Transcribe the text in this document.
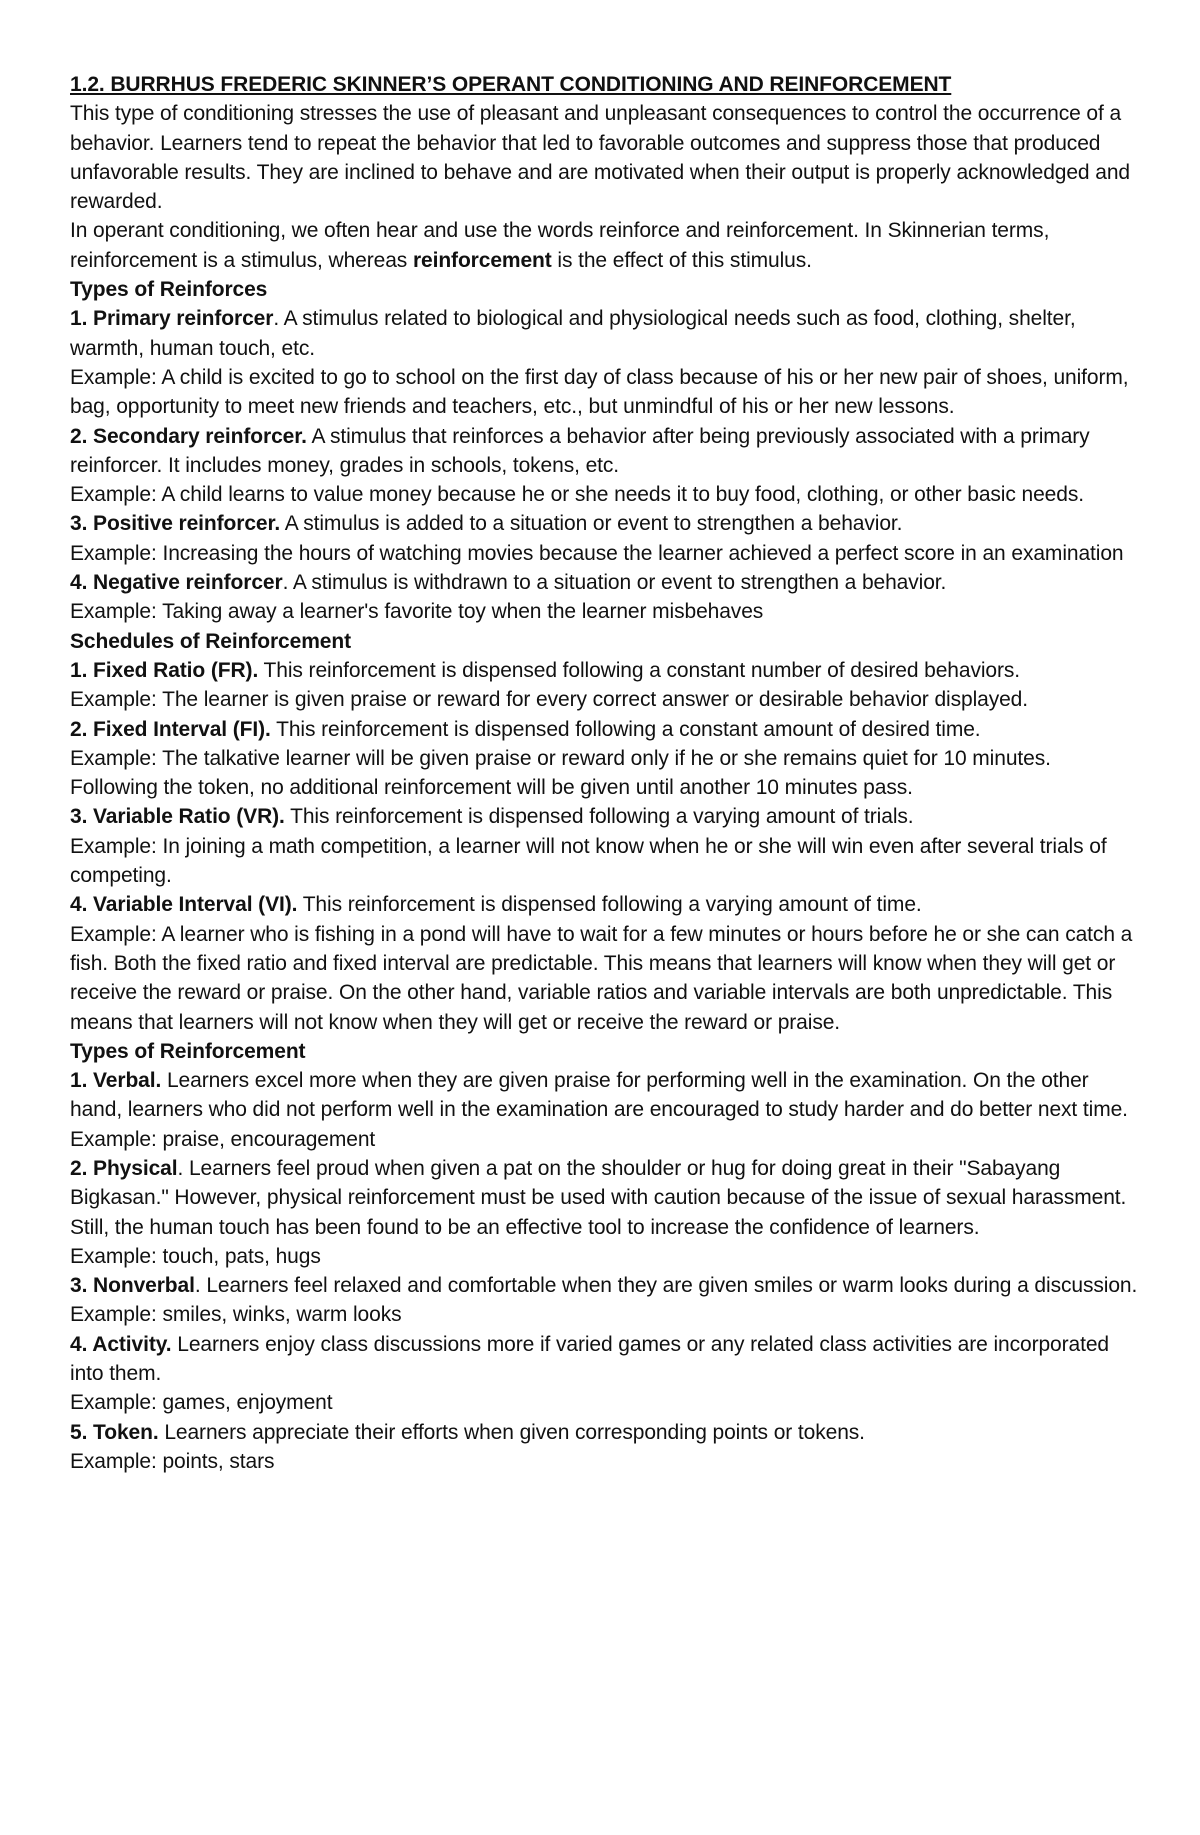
1.2. BURRHUS FREDERIC SKINNER’S OPERANT CONDITIONING AND REINFORCEMENT

This type of conditioning stresses the use of pleasant and unpleasant consequences to control the occurrence of a behavior. Learners tend to repeat the behavior that led to favorable outcomes and suppress those that produced unfavorable results. They are inclined to behave and are motivated when their output is properly acknowledged and rewarded.

In operant conditioning, we often hear and use the words reinforce and reinforcement. In Skinnerian terms, reinforcement is a stimulus, whereas reinforcement is the effect of this stimulus.

Types of Reinforces

1. Primary reinforcer. A stimulus related to biological and physiological needs such as food, clothing, shelter, warmth, human touch, etc.

Example: A child is excited to go to school on the first day of class because of his or her new pair of shoes, uniform, bag, opportunity to meet new friends and teachers, etc., but unmindful of his or her new lessons.

2. Secondary reinforcer. A stimulus that reinforces a behavior after being previously associated with a primary reinforcer. It includes money, grades in schools, tokens, etc.

Example: A child learns to value money because he or she needs it to buy food, clothing, or other basic needs.

3. Positive reinforcer. A stimulus is added to a situation or event to strengthen a behavior.

Example: Increasing the hours of watching movies because the learner achieved a perfect score in an examination

4. Negative reinforcer. A stimulus is withdrawn to a situation or event to strengthen a behavior.

Example: Taking away a learner's favorite toy when the learner misbehaves

Schedules of Reinforcement

1. Fixed Ratio (FR). This reinforcement is dispensed following a constant number of desired behaviors.

Example: The learner is given praise or reward for every correct answer or desirable behavior displayed.

2. Fixed Interval (FI). This reinforcement is dispensed following a constant amount of desired time.

Example: The talkative learner will be given praise or reward only if he or she remains quiet for 10 minutes. Following the token, no additional reinforcement will be given until another 10 minutes pass.

3. Variable Ratio (VR). This reinforcement is dispensed following a varying amount of trials.

Example: In joining a math competition, a learner will not know when he or she will win even after several trials of competing.

4. Variable Interval (VI). This reinforcement is dispensed following a varying amount of time.

Example: A learner who is fishing in a pond will have to wait for a few minutes or hours before he or she can catch a fish. Both the fixed ratio and fixed interval are predictable. This means that learners will know when they will get or receive the reward or praise. On the other hand, variable ratios and variable intervals are both unpredictable. This means that learners will not know when they will get or receive the reward or praise.

Types of Reinforcement

1. Verbal. Learners excel more when they are given praise for performing well in the examination. On the other hand, learners who did not perform well in the examination are encouraged to study harder and do better next time.

Example: praise, encouragement

2. Physical. Learners feel proud when given a pat on the shoulder or hug for doing great in their "Sabayang Bigkasan." However, physical reinforcement must be used with caution because of the issue of sexual harassment. Still, the human touch has been found to be an effective tool to increase the confidence of learners.

Example: touch, pats, hugs

3. Nonverbal. Learners feel relaxed and comfortable when they are given smiles or warm looks during a discussion.

Example: smiles, winks, warm looks

4. Activity. Learners enjoy class discussions more if varied games or any related class activities are incorporated into them.

Example: games, enjoyment

5. Token. Learners appreciate their efforts when given corresponding points or tokens.

Example: points, stars
